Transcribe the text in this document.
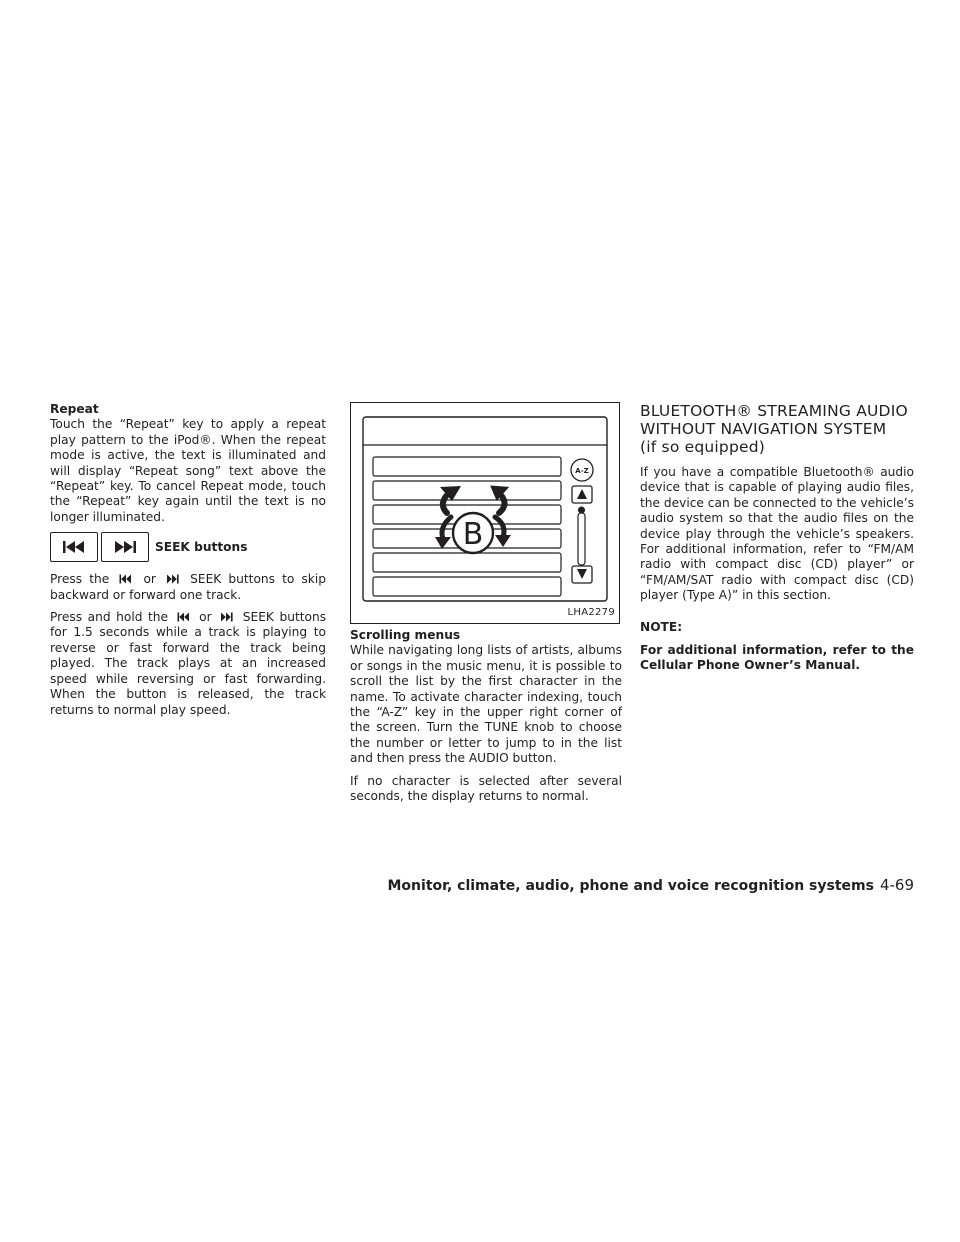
Repeat

Touch the “Repeat” key to apply a repeat play pattern to the iPod®. When the repeat mode is active, the text is illuminated and will display “Repeat song” text above the “Repeat” key. To cancel Repeat mode, touch the “Repeat” key again until the text is no longer illuminated.

SEEK buttons

Press the	or	SEEK buttons to skip backward or forward one track.

Press and hold the	or	SEEK buttons for 1.5 seconds while a track is playing to reverse or fast forward the track being played. The track plays at an increased speed while reversing or fast forwarding. When the button is released, the track returns to normal play speed.

A-Z
B
LHA2279

Scrolling menus

While navigating long lists of artists, albums or songs in the music menu, it is possible to scroll the list by the first character in the name. To activate character indexing, touch the “A-Z” key in the upper right corner of the screen. Turn the TUNE knob to choose the number or letter to jump to in the list and then press the AUDIO button.

If no character is selected after several seconds, the display returns to normal.

BLUETOOTH® STREAMING AUDIO
WITHOUT NAVIGATION SYSTEM
(if so equipped)

If you have a compatible Bluetooth® audio device that is capable of playing audio files, the device can be connected to the vehicle’s audio system so that the audio files on the device play through the vehicle’s speakers. For additional information, refer to “FM/AM radio with compact disc (CD) player” or “FM/AM/SAT radio with compact disc (CD) player (Type A)” in this section.

NOTE:

For additional information, refer to the Cellular Phone Owner’s Manual.

Monitor, climate, audio, phone and voice recognition systems 4-69
